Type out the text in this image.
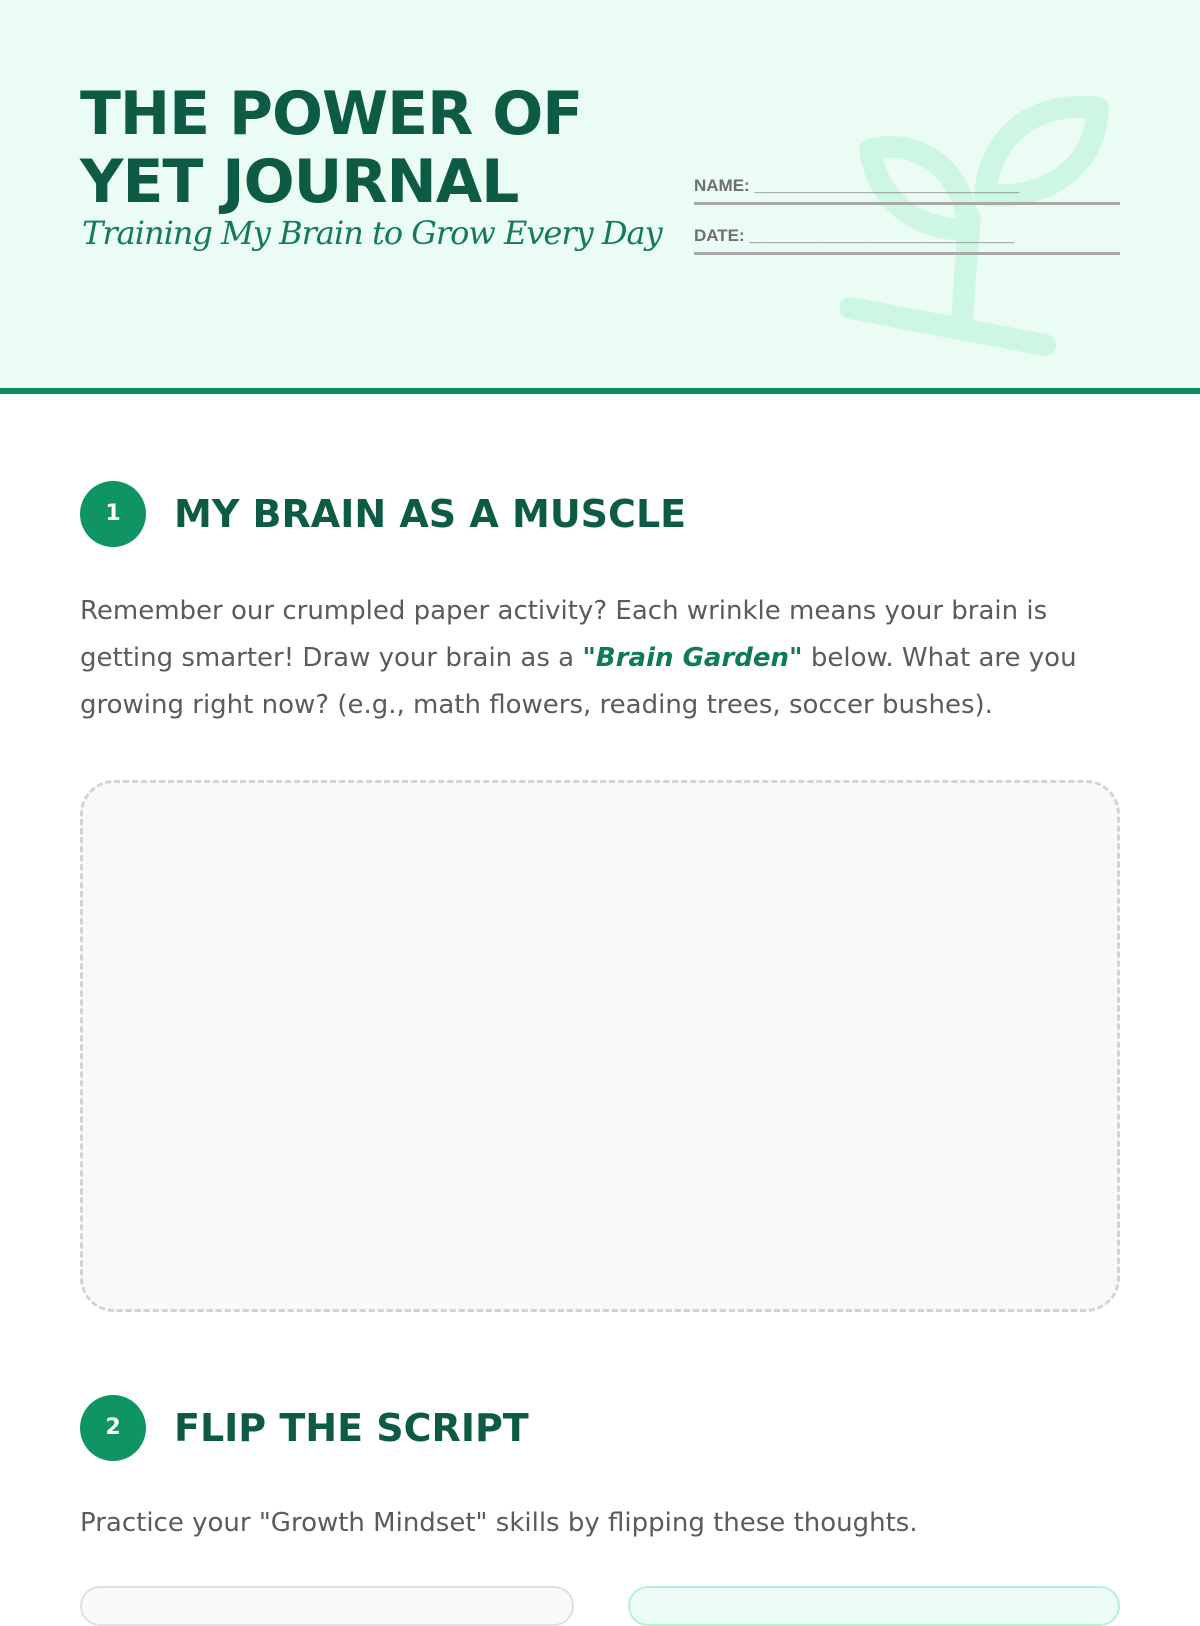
THE POWER OF YET JOURNAL

Training My Brain to Grow Every Day

NAME: ____________________________
DATE: ____________________________
1	MY BRAIN AS A MUSCLE

Remember our crumpled paper activity? Each wrinkle means your brain is getting smarter! Draw your brain as a "Brain Garden" below. What are you growing right now? (e.g., math flowers, reading trees, soccer bushes).

2	FLIP THE SCRIPT

Practice your "Growth Mindset" skills by flipping these thoughts.
